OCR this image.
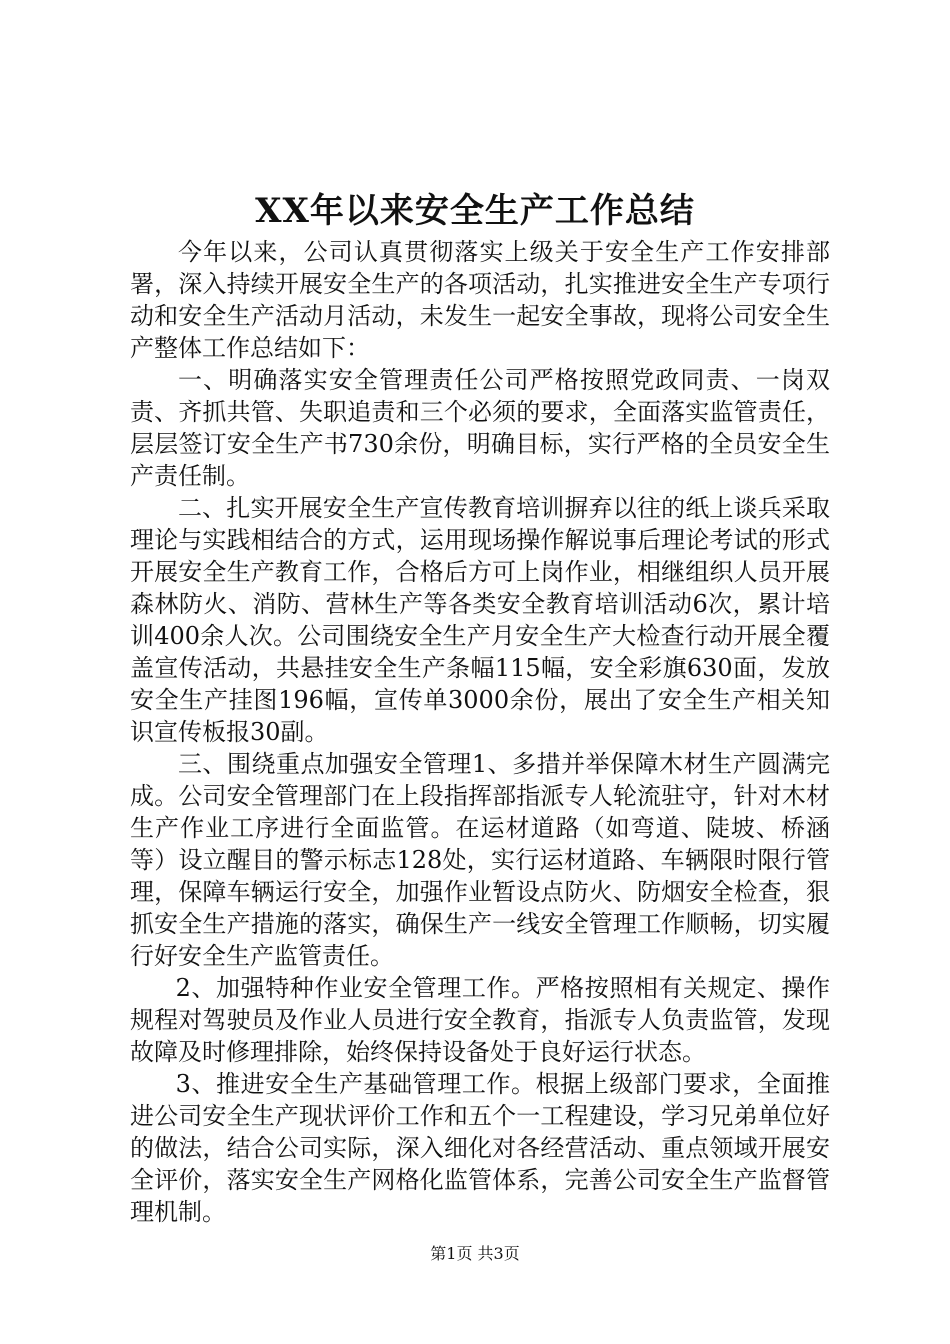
XX年以来安全生产工作总结

今年以来，公司认真贯彻落实上级关于安全生产工作安排部署，深入持续开展安全生产的各项活动，扎实推进安全生产专项行动和安全生产活动月活动，未发生一起安全事故，现将公司安全生产整体工作总结如下：

一、明确落实安全管理责任公司严格按照党政同责、一岗双责、齐抓共管、失职追责和三个必须的要求，全面落实监管责任，层层签订安全生产书730余份，明确目标，实行严格的全员安全生产责任制。

二、扎实开展安全生产宣传教育培训摒弃以往的纸上谈兵采取理论与实践相结合的方式，运用现场操作解说事后理论考试的形式开展安全生产教育工作，合格后方可上岗作业，相继组织人员开展森林防火、消防、营林生产等各类安全教育培训活动6次，累计培训400余人次。公司围绕安全生产月安全生产大检查行动开展全覆盖宣传活动，共悬挂安全生产条幅115幅，安全彩旗630面，发放安全生产挂图196幅，宣传单3000余份，展出了安全生产相关知识宣传板报30副。

三、围绕重点加强安全管理1、多措并举保障木材生产圆满完成。公司安全管理部门在上段指挥部指派专人轮流驻守，针对木材生产作业工序进行全面监管。在运材道路（如弯道、陡坡、桥涵等）设立醒目的警示标志128处，实行运材道路、车辆限时限行管理，保障车辆运行安全，加强作业暂设点防火、防烟安全检查，狠抓安全生产措施的落实，确保生产一线安全管理工作顺畅，切实履行好安全生产监管责任。

2、加强特种作业安全管理工作。严格按照相有关规定、操作规程对驾驶员及作业人员进行安全教育，指派专人负责监管，发现故障及时修理排除，始终保持设备处于良好运行状态。

3、推进安全生产基础管理工作。根据上级部门要求，全面推进公司安全生产现状评价工作和五个一工程建设，学习兄弟单位好的做法，结合公司实际，深入细化对各经营活动、重点领域开展安全评价，落实安全生产网格化监管体系，完善公司安全生产监督管理机制。

第1页 共3页
